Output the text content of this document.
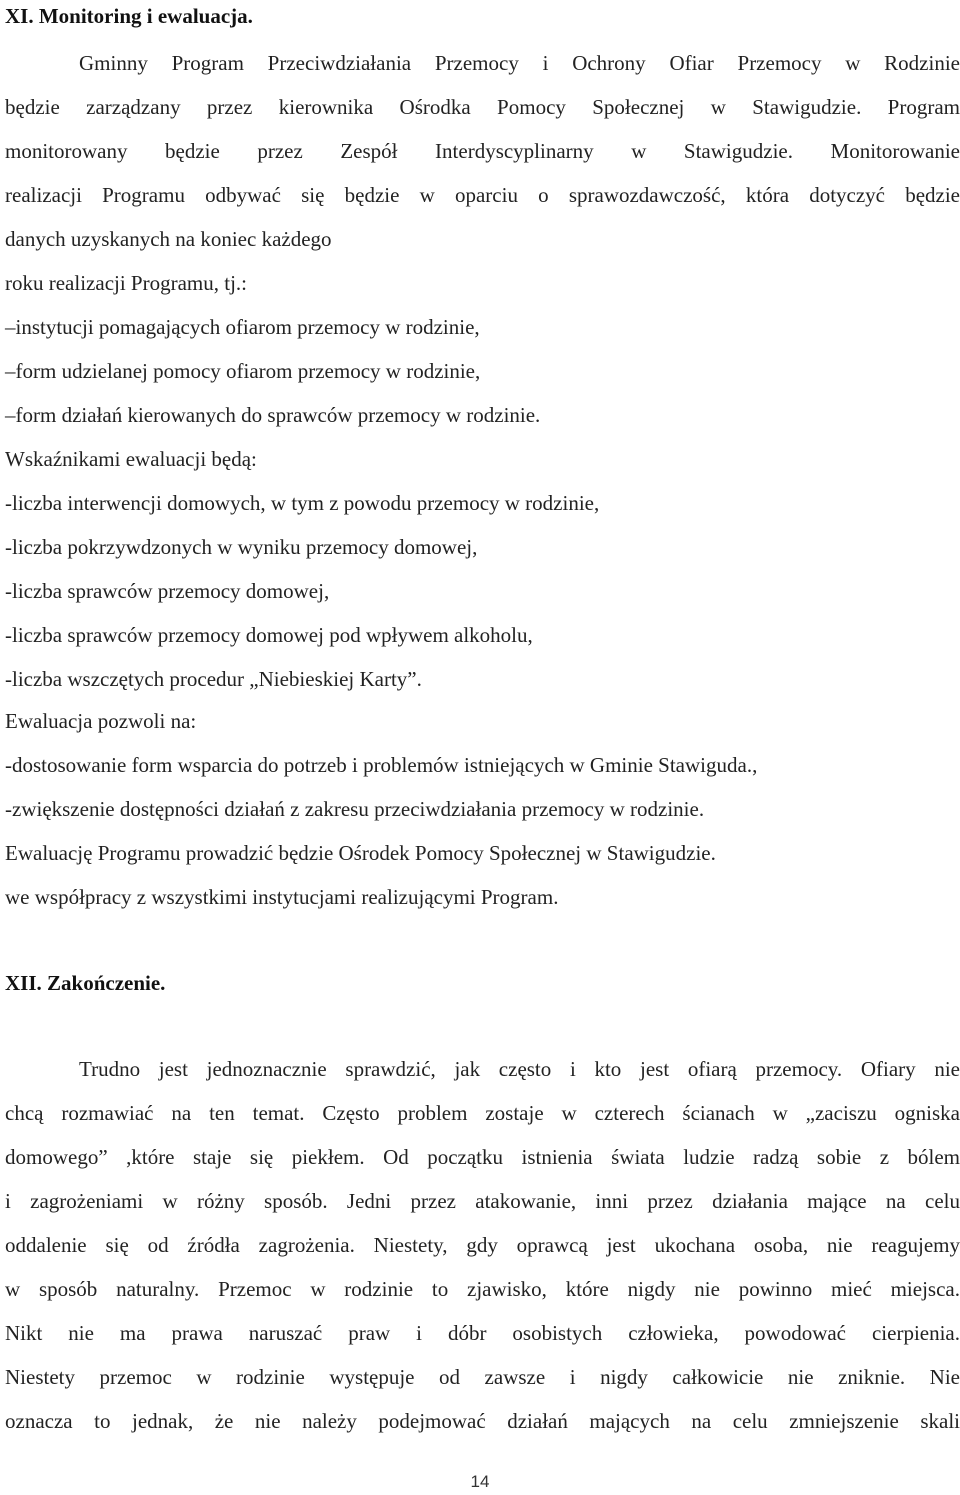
XI. Monitoring i ewaluacja.
Gminny Program Przeciwdziałania Przemocy i Ochrony Ofiar Przemocy w Rodzinie
będzie zarządzany przez kierownika Ośrodka Pomocy Społecznej w Stawigudzie. Program
monitorowany będzie przez Zespół Interdyscyplinarny w Stawigudzie. Monitorowanie
realizacji Programu odbywać się będzie w oparciu o sprawozdawczość, która dotyczyć będzie
danych uzyskanych na koniec każdego
roku realizacji Programu, tj.:
–instytucji pomagających ofiarom przemocy w rodzinie,
–form udzielanej pomocy ofiarom przemocy w rodzinie,
–form działań kierowanych do sprawców przemocy w rodzinie.
Wskaźnikami ewaluacji będą:
-liczba interwencji domowych, w tym z powodu przemocy w rodzinie,
-liczba pokrzywdzonych w wyniku przemocy domowej,
-liczba sprawców przemocy domowej,
-liczba sprawców przemocy domowej pod wpływem alkoholu,
-liczba wszczętych procedur „Niebieskiej Karty”.
Ewaluacja pozwoli na:
-dostosowanie form wsparcia do potrzeb i problemów istniejących w Gminie Stawiguda.,
-zwiększenie dostępności działań z zakresu przeciwdziałania przemocy w rodzinie.
Ewaluację Programu prowadzić będzie Ośrodek Pomocy Społecznej w Stawigudzie.
we współpracy z wszystkimi instytucjami realizującymi Program.
XII. Zakończenie.
Trudno jest jednoznacznie sprawdzić, jak często i kto jest ofiarą przemocy. Ofiary nie
chcą rozmawiać na ten temat. Często problem zostaje w czterech ścianach w „zaciszu ogniska
domowego” ,które staje się piekłem. Od początku istnienia świata ludzie radzą sobie z bólem
i zagrożeniami w różny sposób. Jedni przez atakowanie, inni przez działania mające na celu
oddalenie się od źródła zagrożenia. Niestety, gdy oprawcą jest ukochana osoba, nie reagujemy
w sposób naturalny. Przemoc w rodzinie to zjawisko, które nigdy nie powinno mieć miejsca.
Nikt nie ma prawa naruszać praw i dóbr osobistych człowieka, powodować cierpienia.
Niestety przemoc w rodzinie występuje od zawsze i nigdy całkowicie nie zniknie. Nie
oznacza to jednak, że nie należy podejmować działań mających na celu zmniejszenie skali
14
